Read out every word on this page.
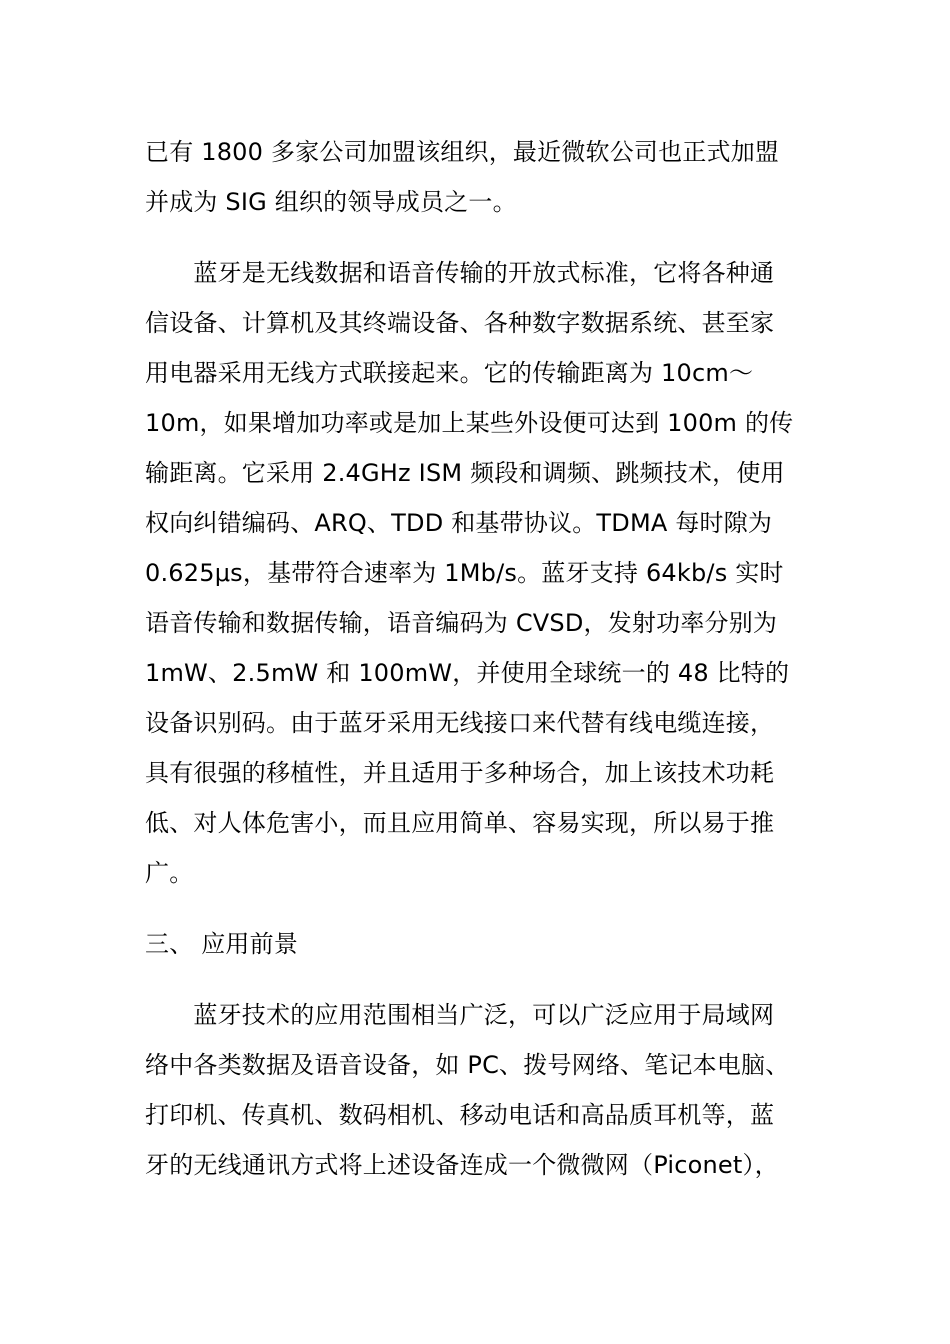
已有 1800 多家公司加盟该组织，最近微软公司也正式加盟
并成为 SIG 组织的领导成员之一。
　　蓝牙是无线数据和语音传输的开放式标准，它将各种通
信设备、计算机及其终端设备、各种数字数据系统、甚至家
用电器采用无线方式联接起来。它的传输距离为 10cm～
10m，如果增加功率或是加上某些外设便可达到 100m 的传
输距离。它采用 2.4GHz ISM 频段和调频、跳频技术，使用
权向纠错编码、ARQ、TDD 和基带协议。TDMA 每时隙为
0.625μs，基带符合速率为 1Mb/s。蓝牙支持 64kb/s 实时
语音传输和数据传输，语音编码为 CVSD，发射功率分别为
1mW、2.5mW 和 100mW，并使用全球统一的 48 比特的
设备识别码。由于蓝牙采用无线接口来代替有线电缆连接，
具有很强的移植性，并且适用于多种场合，加上该技术功耗
低、对人体危害小，而且应用简单、容易实现，所以易于推
广。
三、 应用前景
　　蓝牙技术的应用范围相当广泛，可以广泛应用于局域网
络中各类数据及语音设备，如 PC、拨号网络、笔记本电脑、
打印机、传真机、数码相机、移动电话和高品质耳机等，蓝
牙的无线通讯方式将上述设备连成一个微微网（Piconet），
